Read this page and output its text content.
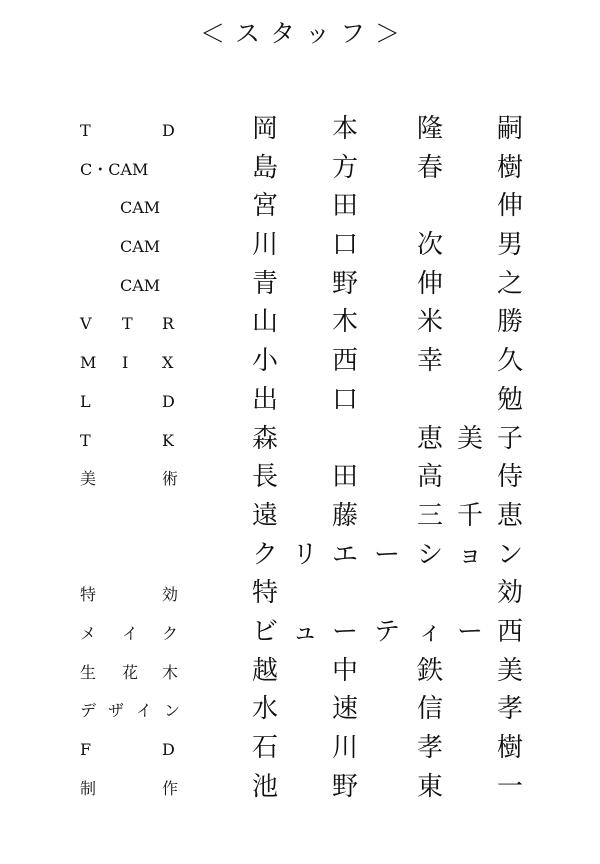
＜スタッフ＞
T	D	岡 本 隆 嗣
C・CAM	島 方 春 樹
CAM	宮 田	伸
CAM	川 口 次 男
CAM	青 野 伸 之
V T R	山 木 米 勝
M I X	小 西 幸 久
L	D	出 口	勉
T	K	森	恵 美 子
美	術	長 田 高 侍
遠 藤 三 千 恵
ク リ エ ー シ ョ ン
特	効	特	効
メ イ ク	ビ ュ ー テ ィ ー 西
生 花 木	越 中 鉄 美
デ ザ イ ン	水 速 信 孝
F	D	石 川 孝 樹
制	作	池 野 東 一
